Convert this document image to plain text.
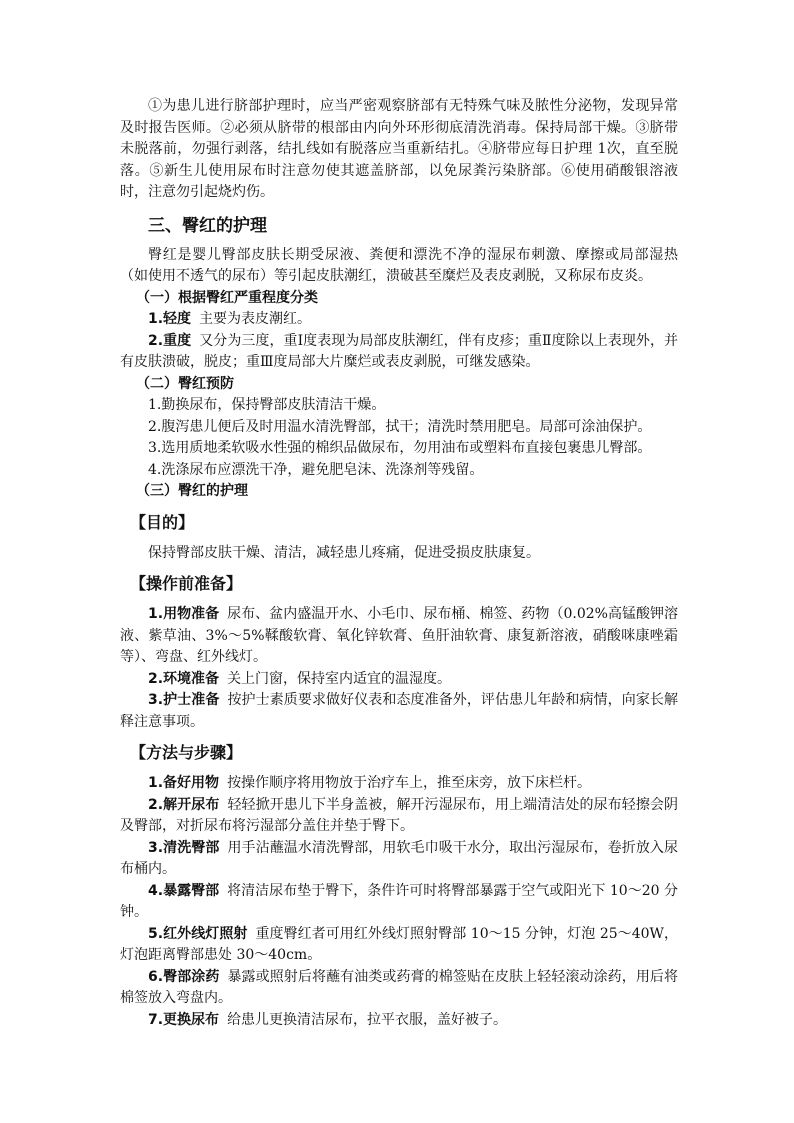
①为患儿进行脐部护理时，应当严密观察脐部有无特殊气味及脓性分泌物，发现异常及时报告医师。②必须从脐带的根部由内向外环形彻底清洗消毒。保持局部干燥。③脐带未脱落前，勿强行剥落，结扎线如有脱落应当重新结扎。④脐带应每日护理 1次，直至脱落。⑤新生儿使用尿布时注意勿使其遮盖脐部，以免尿粪污染脐部。⑥使用硝酸银溶液时，注意勿引起烧灼伤。

三、臀红的护理

臀红是婴儿臀部皮肤长期受尿液、粪便和漂洗不净的湿尿布刺激、摩擦或局部湿热（如使用不透气的尿布）等引起皮肤潮红，溃破甚至糜烂及表皮剥脱，又称尿布皮炎。

（一）根据臀红严重程度分类

1.轻度 主要为表皮潮红。

2.重度 又分为三度，重Ⅰ度表现为局部皮肤潮红，伴有皮疹；重Ⅱ度除以上表现外，并有皮肤溃破，脱皮；重Ⅲ度局部大片糜烂或表皮剥脱，可继发感染。

（二）臀红预防

1.勤换尿布，保持臀部皮肤清洁干燥。

2.腹泻患儿便后及时用温水清洗臀部，拭干；清洗时禁用肥皂。局部可涂油保护。

3.选用质地柔软吸水性强的棉织品做尿布，勿用油布或塑料布直接包裹患儿臀部。

4.洗涤尿布应漂洗干净，避免肥皂沫、洗涤剂等残留。

（三）臀红的护理
【目的】

保持臀部皮肤干燥、清洁，减轻患儿疼痛，促进受损皮肤康复。

【操作前准备】

1.用物准备 尿布、盆内盛温开水、小毛巾、尿布桶、棉签、药物（0.02%高锰酸钾溶液、紫草油、3%～5%鞣酸软膏、氧化锌软膏、鱼肝油软膏、康复新溶液，硝酸咪康唑霜等）、弯盘、红外线灯。

2.环境准备 关上门窗，保持室内适宜的温湿度。

3.护士准备 按护士素质要求做好仪表和态度准备外，评估患儿年龄和病情，向家长解释注意事项。

【方法与步骤】

1.备好用物 按操作顺序将用物放于治疗车上，推至床旁，放下床栏杆。

2.解开尿布 轻轻掀开患儿下半身盖被，解开污湿尿布，用上端清洁处的尿布轻擦会阴及臀部，对折尿布将污湿部分盖住并垫于臀下。

3.清洗臀部 用手沾蘸温水清洗臀部，用软毛巾吸干水分，取出污湿尿布，卷折放入尿布桶内。

4.暴露臀部 将清洁尿布垫于臀下，条件许可时将臀部暴露于空气或阳光下 10～20 分钟。

5.红外线灯照射 重度臀红者可用红外线灯照射臀部 10～15 分钟，灯泡 25～40W，灯泡距离臀部患处 30～40cm。

6.臀部涂药 暴露或照射后将蘸有油类或药膏的棉签贴在皮肤上轻轻滚动涂药，用后将棉签放入弯盘内。

7.更换尿布 给患儿更换清洁尿布，拉平衣服，盖好被子。
